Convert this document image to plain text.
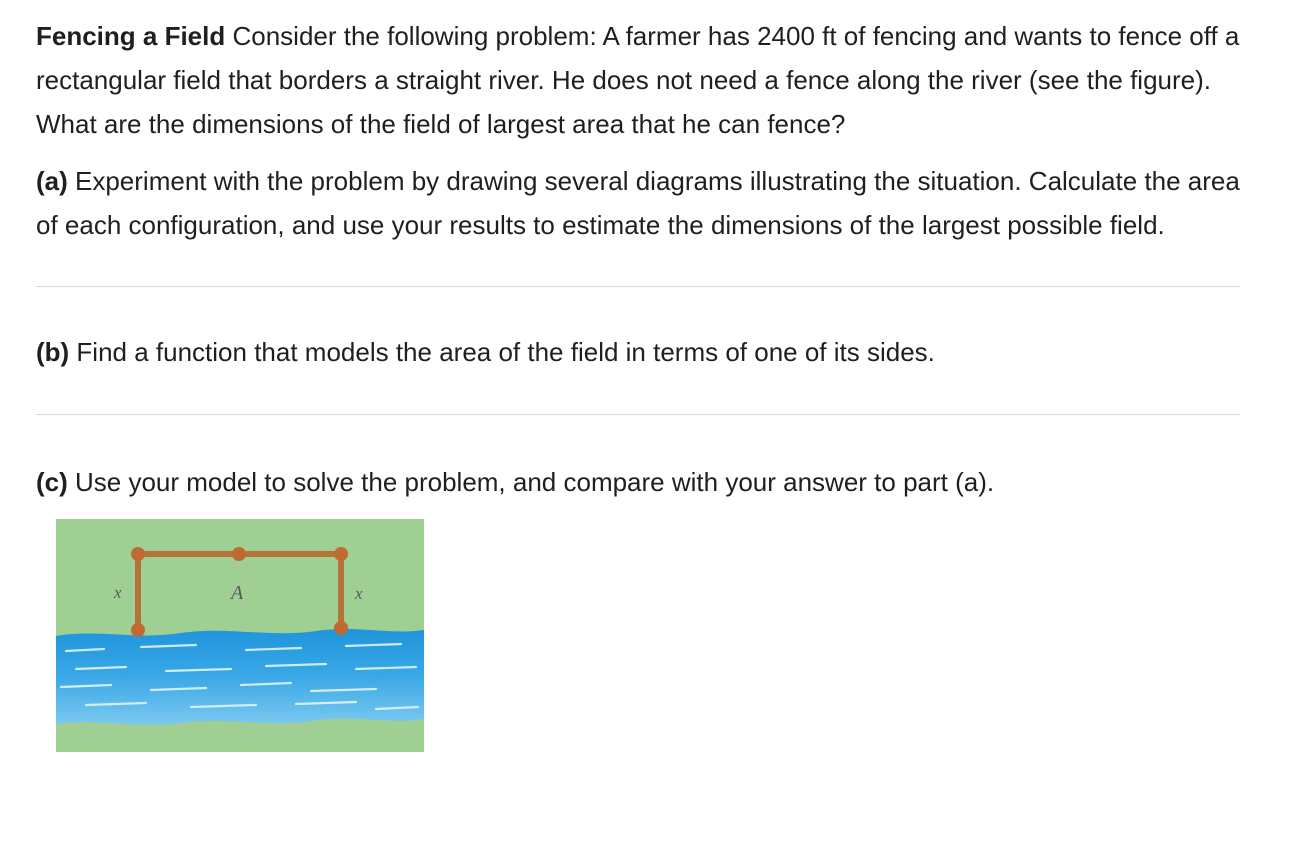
Fencing a Field Consider the following problem: A farmer has 2400 ft of fencing and wants to fence off a rectangular field that borders a straight river. He does not need a fence along the river (see the figure). What are the dimensions of the field of largest area that he can fence?

(a) Experiment with the problem by drawing several diagrams illustrating the situation. Calculate the area of each configuration, and use your results to estimate the dimensions of the largest possible field.

(b) Find a function that models the area of the field in terms of one of its sides.

(c) Use your model to solve the problem, and compare with your answer to part (a).

x	A	x
